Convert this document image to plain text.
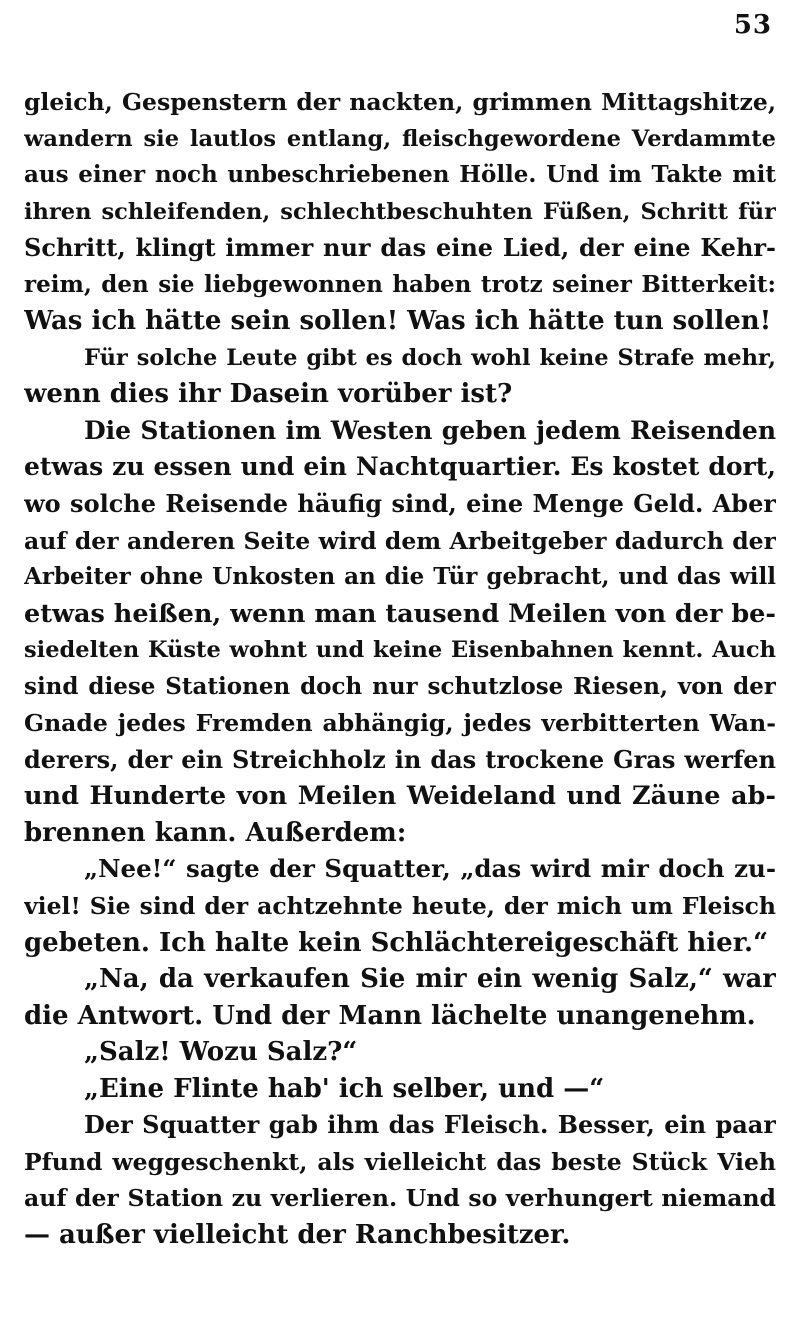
53
gleich, Gespenstern der nackten, grimmen Mittagshitze,
wandern sie lautlos entlang, fleischgewordene Verdammte
aus einer noch unbeschriebenen Hölle. Und im Takte mit
ihren schleifenden, schlechtbeschuhten Füßen, Schritt für
Schritt, klingt immer nur das eine Lied, der eine Kehr-
reim, den sie liebgewonnen haben trotz seiner Bitterkeit:
Was ich hätte sein sollen! Was ich hätte tun sollen!
Für solche Leute gibt es doch wohl keine Strafe mehr,
wenn dies ihr Dasein vorüber ist?
Die Stationen im Westen geben jedem Reisenden
etwas zu essen und ein Nachtquartier. Es kostet dort,
wo solche Reisende häufig sind, eine Menge Geld. Aber
auf der anderen Seite wird dem Arbeitgeber dadurch der
Arbeiter ohne Unkosten an die Tür gebracht, und das will
etwas heißen, wenn man tausend Meilen von der be-
siedelten Küste wohnt und keine Eisenbahnen kennt. Auch
sind diese Stationen doch nur schutzlose Riesen, von der
Gnade jedes Fremden abhängig, jedes verbitterten Wan-
derers, der ein Streichholz in das trockene Gras werfen
und Hunderte von Meilen Weideland und Zäune ab-
brennen kann. Außerdem:
„Nee!“ sagte der Squatter, „das wird mir doch zu-
viel! Sie sind der achtzehnte heute, der mich um Fleisch
gebeten. Ich halte kein Schlächtereigeschäft hier.“
„Na, da verkaufen Sie mir ein wenig Salz,“ war
die Antwort. Und der Mann lächelte unangenehm.
„Salz! Wozu Salz?“
„Eine Flinte hab' ich selber, und —“
Der Squatter gab ihm das Fleisch. Besser, ein paar
Pfund weggeschenkt, als vielleicht das beste Stück Vieh
auf der Station zu verlieren. Und so verhungert niemand
— außer vielleicht der Ranchbesitzer.
